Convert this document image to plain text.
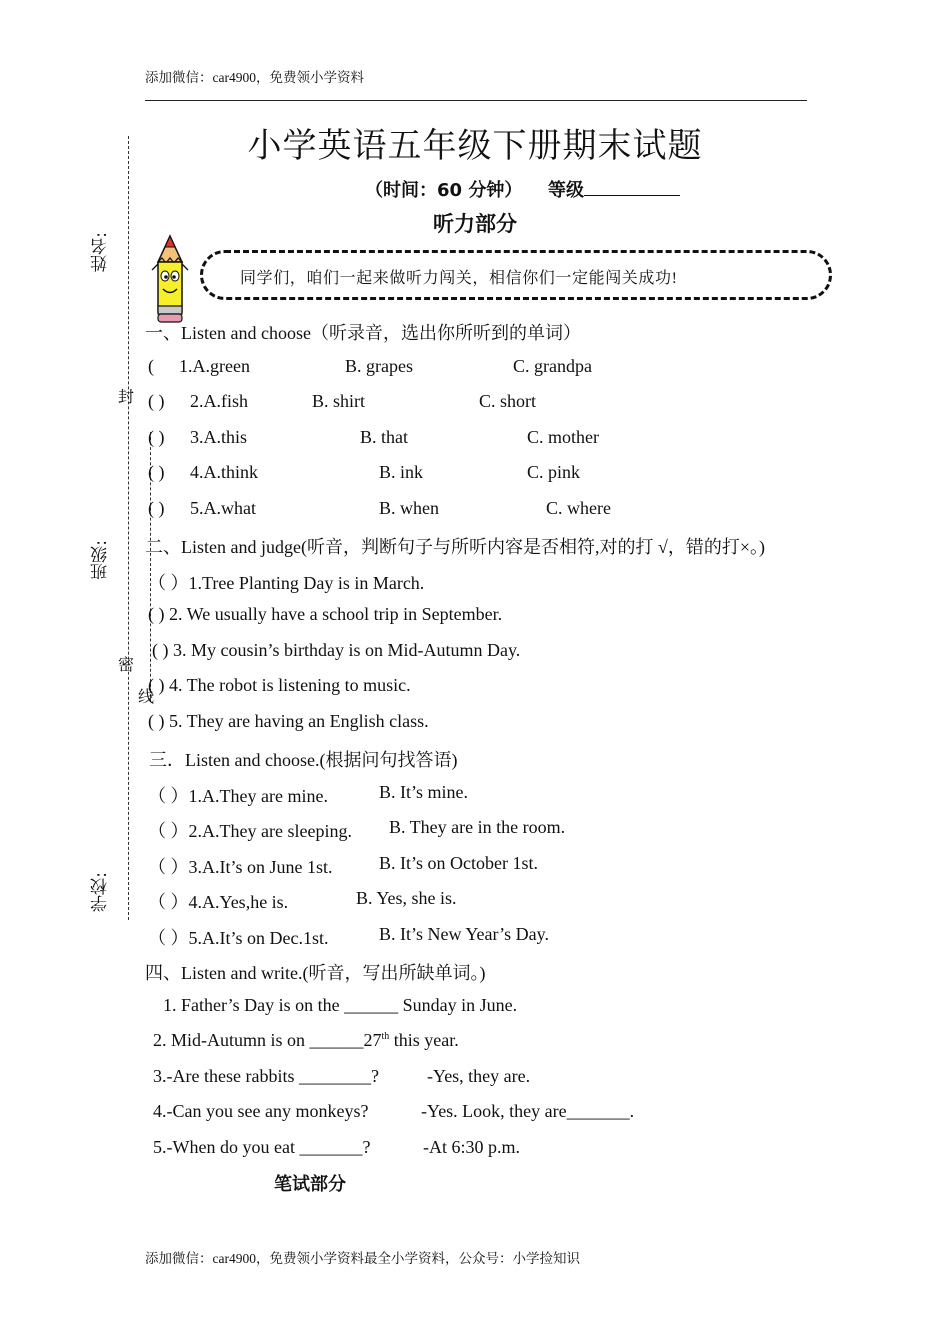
添加微信：car4900，免费领小学资料
姓名:
班级:
学校:
封
密
线
小学英语五年级下册期末试题
（时间：60 分钟） 等级
听力部分
同学们，咱们一起来做听力闯关，相信你们一定能闯关成功!
一、Listen and choose（听录音，选出你所听到的单词）
( 1.A.green	B. grapes	C. grandpa
( ) 2.A.fish	B. shirt	C. short
( ) 3.A.this	B. that	C. mother
( ) 4.A.think	B. ink	C. pink
( ) 5.A.what	B. when	C. where
二、Listen and judge(听音，判断句子与所听内容是否相符,对的打 √，错的打×。)
（ ）1.Tree Planting Day is in March.
( ) 2. We usually have a school trip in September.
( ) 3. My cousin’s birthday is on Mid-Autumn Day.
( ) 4. The robot is listening to music.
( ) 5. They are having an English class.
三．Listen and choose.(根据问句找答语)
（ ）1.A.They are mine.	B. It’s mine.
（ ）2.A.They are sleeping. B. They are in the room.
（ ）3.A.It’s on June 1st.	B. It’s on October 1st.
（ ）4.A.Yes,he is.	B. Yes, she is.
（ ）5.A.It’s on Dec.1st.	B. It’s New Year’s Day.
四、Listen and write.(听音，写出所缺单词。)
1. Father’s Day is on the ______ Sunday in June.
2. Mid-Autumn is on ______27th this year.
3.-Are these rabbits ________?	-Yes, they are.
4.-Can you see any monkeys?	-Yes. Look, they are_______.
5.-When do you eat _______?	-At 6:30 p.m.
笔试部分
添加微信：car4900，免费领小学资料最全小学资料，公众号：小学捡知识
